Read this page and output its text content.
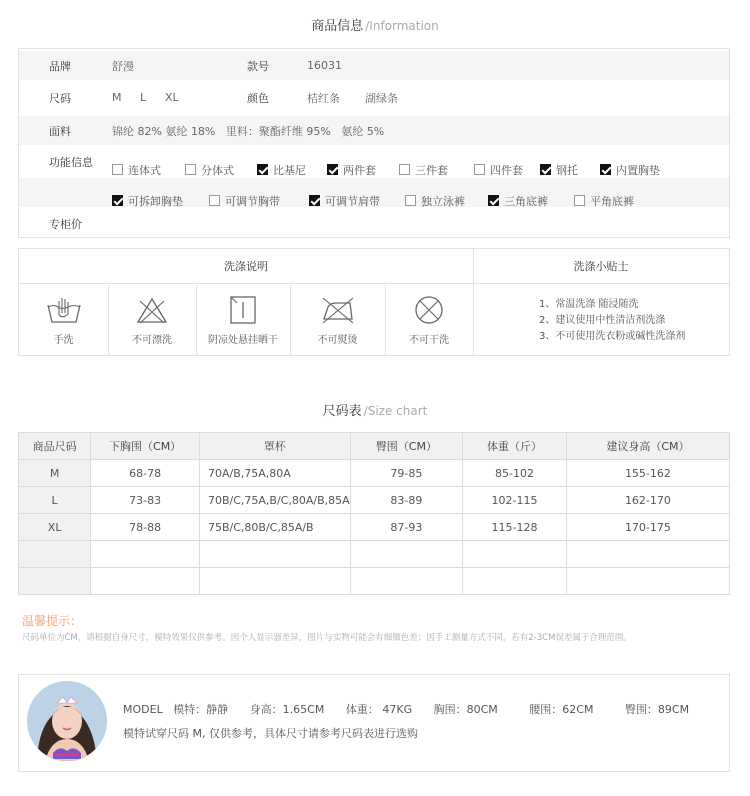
商品信息 /Information
品牌	舒漫	款号	16031
尺码	M L XL	颜色	桔红条 湖绿条
面料	锦纶 82% 氨纶 18%   里料：聚酯纤维 95%   氨纶 5%
功能信息
连体式	分体式	比基尼	两件套	三件套	四件套	钢托	内置胸垫
可拆卸胸垫	可调节胸带	可调节肩带	独立泳裤	三角底裤	平角底裤
专柜价
洗涤说明	洗涤小贴士
手洗	不可漂洗	阴凉处悬挂晒干	不可熨烫	不可干洗
1、常温洗涤 随浸随洗
2、建议使用中性清洁剂洗涤
3、不可使用洗衣粉或碱性洗涤剂
尺码表 /Size chart
商品尺码	下胸围（CM）	罩杯	臀围（CM）	体重（斤）	建议身高（CM）
M	68-78	70A/B,75A,80A	79-85	85-102	155-162
L	73-83	70B/C,75A,B/C,80A/B,85A	83-89	102-115	162-170
XL	78-88	75B/C,80B/C,85A/B	87-93	115-128	170-175

温馨提示：
尺码单位为CM，请根据自身尺寸，模特效果仅供参考。因个人显示器差异，图片与实物可能会有细微色差；因手工测量方式不同，若有2-3CM误差属于合理范围。
MODEL   模特：静静 身高：1.65CM 体重： 47KG 胸围：80CM	腰围：62CM	臀围：89CM
模特试穿尺码 M, 仅供参考，具体尺寸请参考尺码表进行选购
